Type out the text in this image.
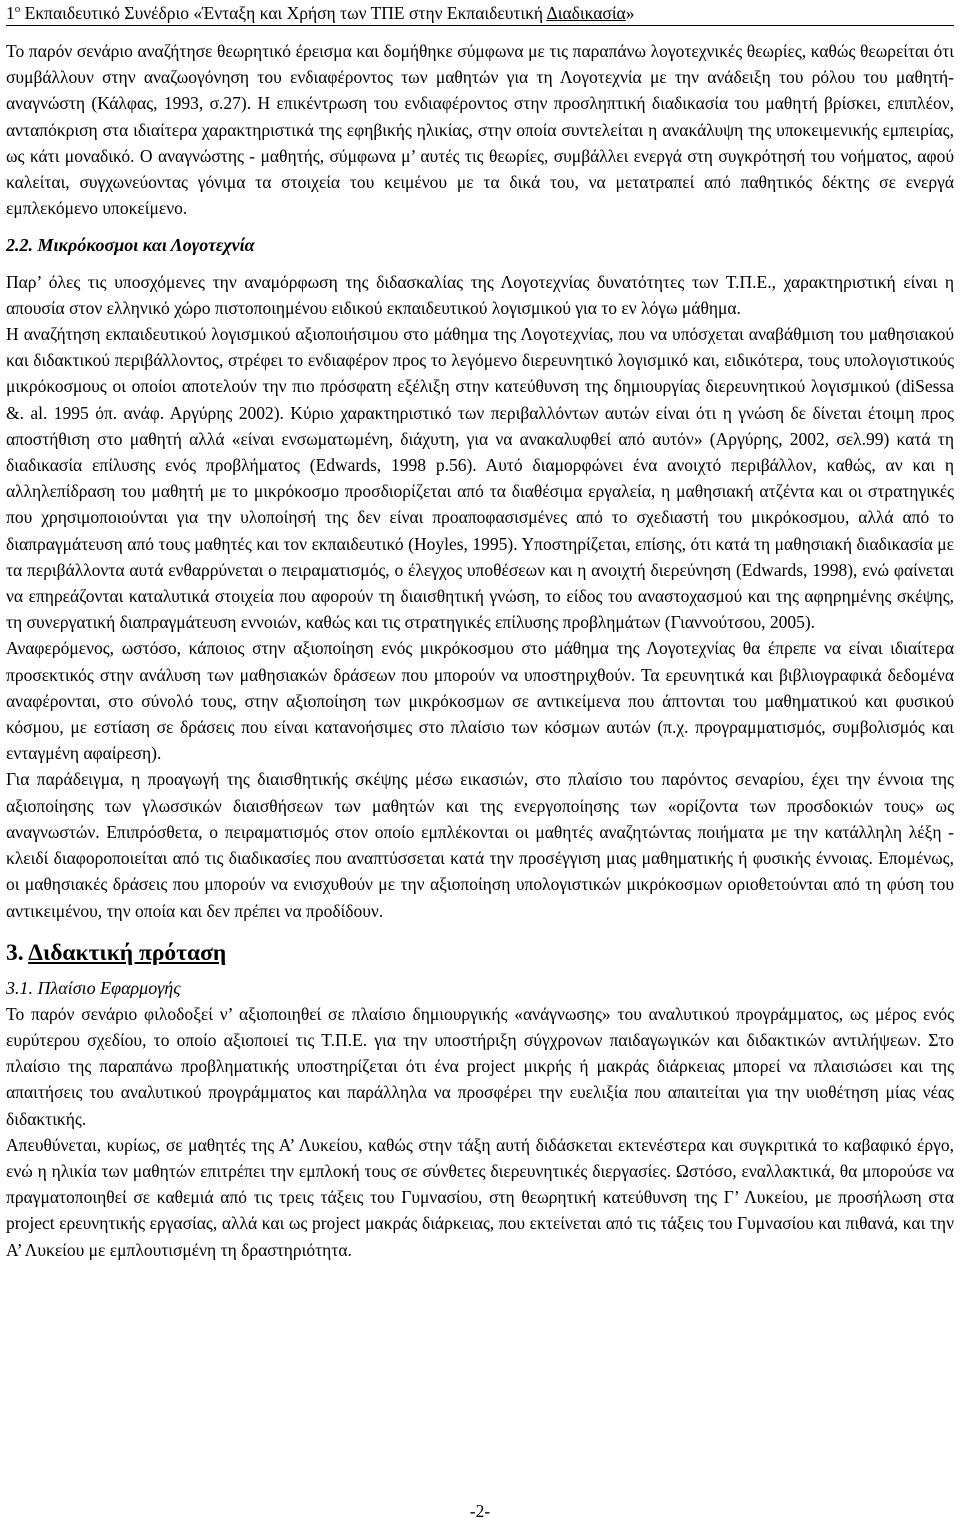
$1^o$ Εκπαιδευτικό Συνέδριο «Ένταξη και Χρήση των ΤΠΕ στην Εκπαιδευτική Διαδικασία»

Το παρόν σενάριο αναζήτησε θεωρητικό έρεισμα και δομήθηκε σύμφωνα με τις παραπάνω λογοτεχνικές θεωρίες, καθώς θεωρείται ότι συμβάλλουν στην αναζωογόνηση του ενδιαφέροντος των μαθητών για τη Λογοτεχνία με την ανάδειξη του ρόλου του μαθητή-αναγνώστη (Κάλφας, 1993, σ.27). Η επικέντρωση του ενδιαφέροντος στην προσληπτική διαδικασία του μαθητή βρίσκει, επιπλέον, ανταπόκριση στα ιδιαίτερα χαρακτηριστικά της εφηβικής ηλικίας, στην οποία συντελείται η ανακάλυψη της υποκειμενικής εμπειρίας, ως κάτι μοναδικό. Ο αναγνώστης - μαθητής, σύμφωνα μ’ αυτές τις θεωρίες, συμβάλλει ενεργά στη συγκρότησή του νοήματος, αφού καλείται, συγχωνεύοντας γόνιμα τα στοιχεία του κειμένου με τα δικά του, να μετατραπεί από παθητικός δέκτης σε ενεργά εμπλεκόμενο υποκείμενο.

2.2. Μικρόκοσμοι και Λογοτεχνία

Παρ’ όλες τις υποσχόμενες την αναμόρφωση της διδασκαλίας της Λογοτεχνίας δυνατότητες των Τ.Π.Ε., χαρακτηριστική είναι η απουσία στον ελληνικό χώρο πιστοποιημένου ειδικού εκπαιδευτικού λογισμικού για το εν λόγω μάθημα.

Η αναζήτηση εκπαιδευτικού λογισμικού αξιοποιήσιμου στο μάθημα της Λογοτεχνίας, που να υπόσχεται αναβάθμιση του μαθησιακού και διδακτικού περιβάλλοντος, στρέφει το ενδιαφέρον προς το λεγόμενο διερευνητικό λογισμικό και, ειδικότερα, τους υπολογιστικούς μικρόκοσμους οι οποίοι αποτελούν την πιο πρόσφατη εξέλιξη στην κατεύθυνση της δημιουργίας διερευνητικού λογισμικού (diSessa &. al. 1995 όπ. ανάφ. Αργύρης 2002). Κύριο χαρακτηριστικό των περιβαλλόντων αυτών είναι ότι η γνώση δε δίνεται έτοιμη προς αποστήθιση στο μαθητή αλλά «είναι ενσωματωμένη, διάχυτη, για να ανακαλυφθεί από αυτόν» (Αργύρης, 2002, σελ.99) κατά τη διαδικασία επίλυσης ενός προβλήματος (Edwards, 1998 p.56). Αυτό διαμορφώνει ένα ανοιχτό περιβάλλον, καθώς, αν και η αλληλεπίδραση του μαθητή με το μικρόκοσμο προσδιορίζεται από τα διαθέσιμα εργαλεία, η μαθησιακή ατζέντα και οι στρατηγικές που χρησιμοποιούνται για την υλοποίησή της δεν είναι προαποφασισμένες από το σχεδιαστή του μικρόκοσμου, αλλά από το διαπραγμάτευση από τους μαθητές και τον εκπαιδευτικό (Hoyles, 1995). Υποστηρίζεται, επίσης, ότι κατά τη μαθησιακή διαδικασία με τα περιβάλλοντα αυτά ενθαρρύνεται ο πειραματισμός, ο έλεγχος υποθέσεων και η ανοιχτή διερεύνηση (Edwards, 1998), ενώ φαίνεται να επηρεάζονται καταλυτικά στοιχεία που αφορούν τη διαισθητική γνώση, το είδος του αναστοχασμού και της αφηρημένης σκέψης, τη συνεργατική διαπραγμάτευση εννοιών, καθώς και τις στρατηγικές επίλυσης προβλημάτων (Γιαννούτσου, 2005).

Αναφερόμενος, ωστόσο, κάποιος στην αξιοποίηση ενός μικρόκοσμου στο μάθημα της Λογοτεχνίας θα έπρεπε να είναι ιδιαίτερα προσεκτικός στην ανάλυση των μαθησιακών δράσεων που μπορούν να υποστηριχθούν. Τα ερευνητικά και βιβλιογραφικά δεδομένα αναφέρονται, στο σύνολό τους, στην αξιοποίηση των μικρόκοσμων σε αντικείμενα που άπτονται του μαθηματικού και φυσικού κόσμου, με εστίαση σε δράσεις που είναι κατανοήσιμες στο πλαίσιο των κόσμων αυτών (π.χ. προγραμματισμός, συμβολισμός και ενταγμένη αφαίρεση).

Για παράδειγμα, η προαγωγή της διαισθητικής σκέψης μέσω εικασιών, στο πλαίσιο του παρόντος σεναρίου, έχει την έννοια της αξιοποίησης των γλωσσικών διαισθήσεων των μαθητών και της ενεργοποίησης των «ορίζοντα των προσδοκιών τους» ως αναγνωστών. Επιπρόσθετα, ο πειραματισμός στον οποίο εμπλέκονται οι μαθητές αναζητώντας ποιήματα με την κατάλληλη λέξη - κλειδί διαφοροποιείται από τις διαδικασίες που αναπτύσσεται κατά την προσέγγιση μιας μαθηματικής ή φυσικής έννοιας. Επομένως, οι μαθησιακές δράσεις που μπορούν να ενισχυθούν με την αξιοποίηση υπολογιστικών μικρόκοσμων οριοθετούνται από τη φύση του αντικειμένου, την οποία και δεν πρέπει να προδίδουν.

3. Διδακτική πρόταση
3.1. Πλαίσιο Εφαρμογής

Το παρόν σενάριο φιλοδοξεί ν’ αξιοποιηθεί σε πλαίσιο δημιουργικής «ανάγνωσης» του αναλυτικού προγράμματος, ως μέρος ενός ευρύτερου σχεδίου, το οποίο αξιοποιεί τις Τ.Π.Ε. για την υποστήριξη σύγχρονων παιδαγωγικών και διδακτικών αντιλήψεων. Στο πλαίσιο της παραπάνω προβληματικής υποστηρίζεται ότι ένα project μικρής ή μακράς διάρκειας μπορεί να πλαισιώσει και της απαιτήσεις του αναλυτικού προγράμματος και παράλληλα να προσφέρει την ευελιξία που απαιτείται για την υιοθέτηση μίας νέας διδακτικής.

Απευθύνεται, κυρίως, σε μαθητές της Α’ Λυκείου, καθώς στην τάξη αυτή διδάσκεται εκτενέστερα και συγκριτικά το καβαφικό έργο, ενώ η ηλικία των μαθητών επιτρέπει την εμπλοκή τους σε σύνθετες διερευνητικές διεργασίες. Ωστόσο, εναλλακτικά, θα μπορούσε να πραγματοποιηθεί σε καθεμιά από τις τρεις τάξεις του Γυμνασίου, στη θεωρητική κατεύθυνση της Γ’ Λυκείου, με προσήλωση στα project ερευνητικής εργασίας, αλλά και ως project μακράς διάρκειας, που εκτείνεται από τις τάξεις του Γυμνασίου και πιθανά, και την Α’ Λυκείου με εμπλουτισμένη τη δραστηριότητα.

-2-
